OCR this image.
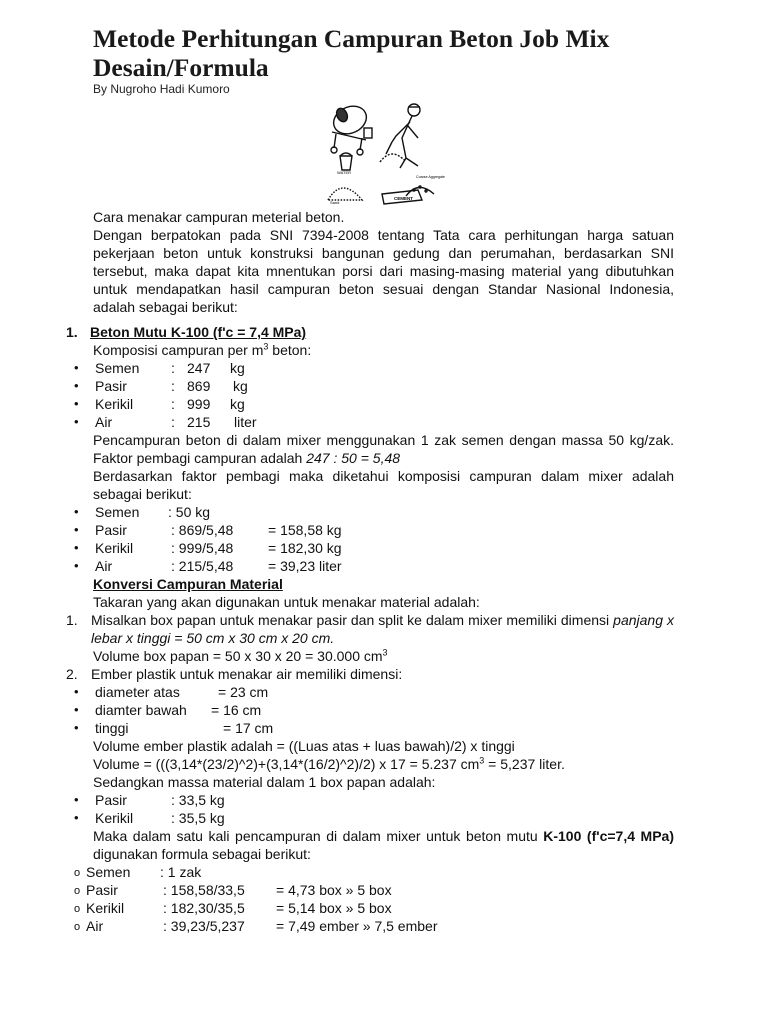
Metode Perhitungan Campuran Beton Job Mix Desain/Formula
By Nugroho Hadi Kumoro
WATER
Sand
Coarse Aggregate
CEMENT

Cara menakar campuran meterial beton.

Dengan berpatokan pada SNI 7394-2008 tentang Tata cara perhitungan harga satuan pekerjaan beton untuk konstruksi bangunan gedung dan perumahan, berdasarkan SNI tersebut, maka dapat kita mnentukan porsi dari masing-masing material yang dibutuhkan untuk mendapatkan hasil campuran beton sesuai dengan Standar Nasional Indonesia, adalah sebagai berikut:

1. Beton Mutu K-100 (f'c = 7,4 MPa)
Komposisi campuran per $m^3$ beton:
• Semen : 247 kg
• Pasir	: 869 kg
• Kerikil	: 999 kg
• Air	: 215 liter
Pencampuran beton di dalam mixer menggunakan 1 zak semen dengan massa 50 kg/zak. Faktor pembagi campuran adalah 247 : 50 = 5,48
Berdasarkan faktor pembagi maka diketahui komposisi campuran dalam mixer adalah sebagai berikut:
• Semen : 50 kg
• Pasir	: 869/5,48 = 158,58 kg
• Kerikil	: 999/5,48 = 182,30 kg
• Air	: 215/5,48 = 39,23 liter
Konversi Campuran Material
Takaran yang akan digunakan untuk menakar material adalah:
1. Misalkan box papan untuk menakar pasir dan split ke dalam mixer memiliki dimensi panjang x lebar x tinggi = 50 cm x 30 cm x 20 cm.
Volume box papan = 50 x 30 x 20 = 30.000 $cm^3$
2. Ember plastik untuk menakar air memiliki dimensi:
• diameter atas	= 23 cm
• diamter bawah = 16 cm
• tinggi	= 17 cm
Volume ember plastik adalah = ((Luas atas + luas bawah)/2) x tinggi
Volume = (((3,14*(23/2)^2)+(3,14*(16/2)^2)/2) x 17 = 5.237 $cm^3 = 5,237$ liter.
Sedangkan massa material dalam 1 box papan adalah:
• Pasir	: 33,5 kg
• Kerikil	: 35,5 kg
Maka dalam satu kali pencampuran di dalam mixer untuk beton mutu K-100 (f'c=7,4 MPa) digunakan formula sebagai berikut:
o Semen : 1 zak
o Pasir	: 158,58/33,5 = 4,73 box » 5 box
o Kerikil	: 182,30/35,5 = 5,14 box » 5 box
o Air	: 39,23/5,237 = 7,49 ember » 7,5 ember
